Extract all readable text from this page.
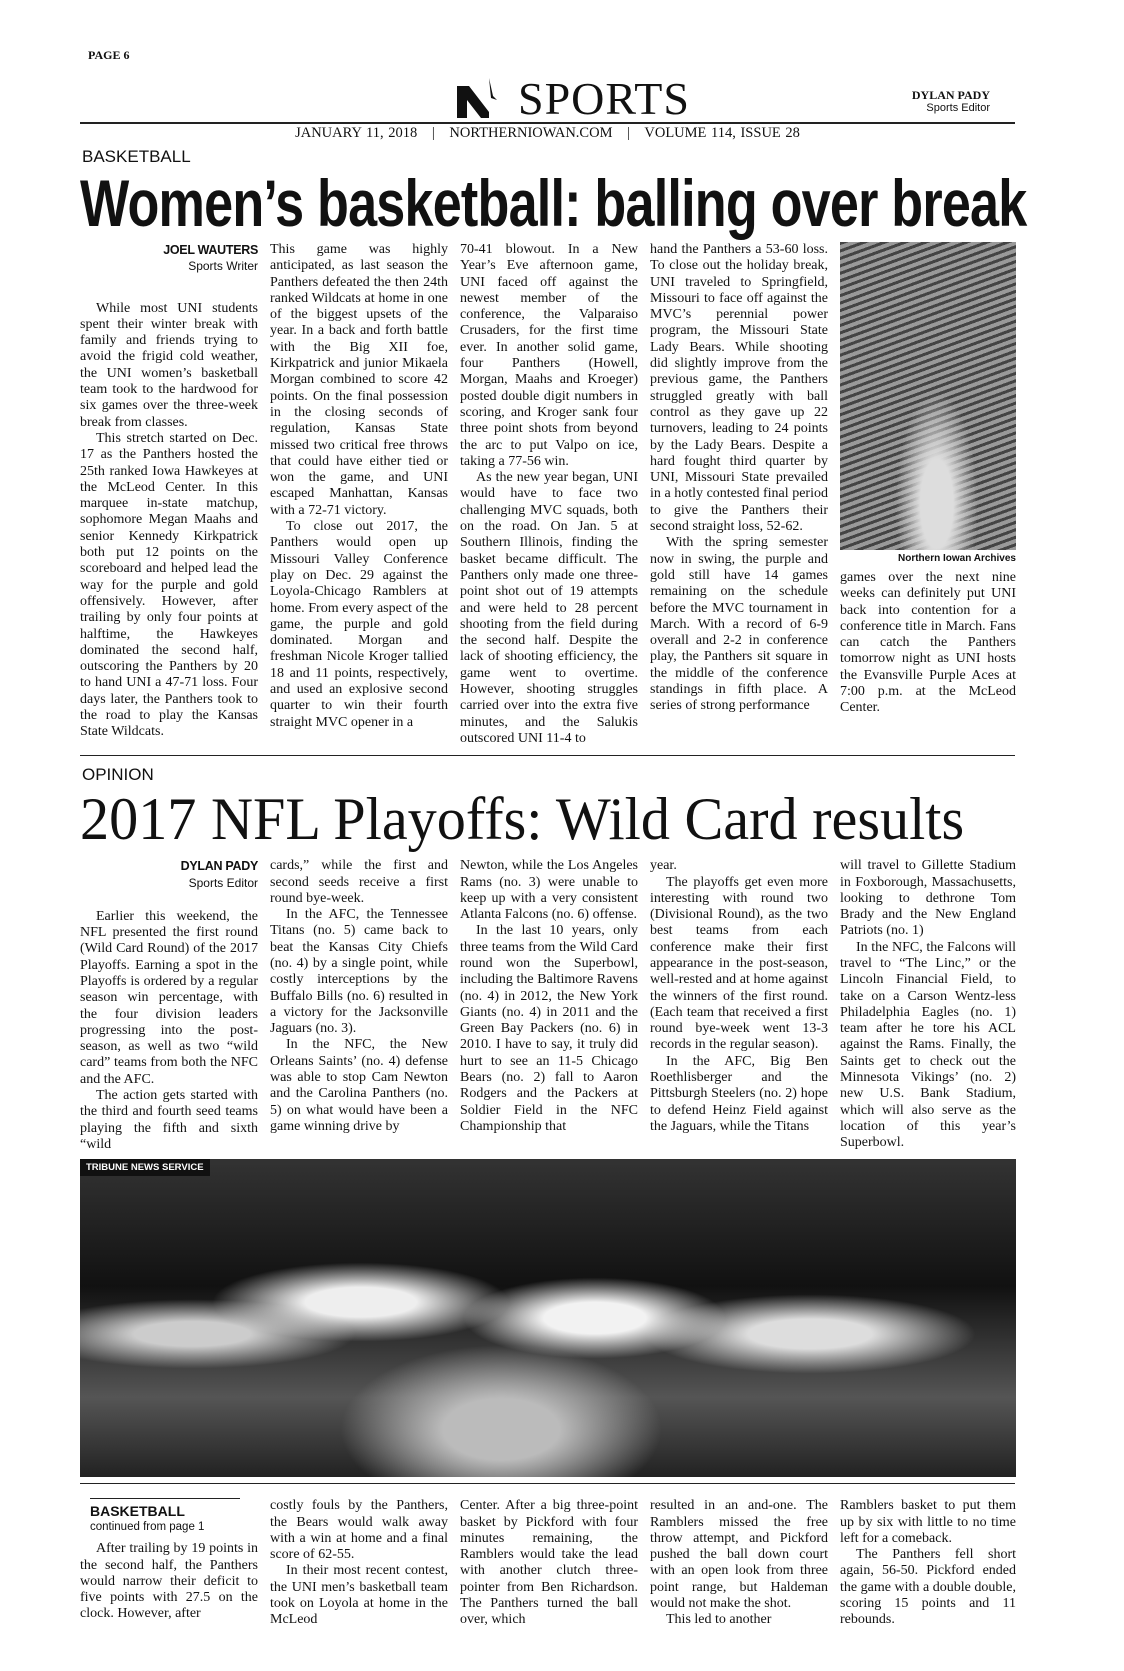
PAGE 6
SPORTS	DYLAN PADY
Sports Editor
JANUARY 11, 2018 | NORTHERNIOWAN.COM | VOLUME 114, ISSUE 28
BASKETBALL
Women’s basketball: balling over break
JOEL WAUTERS
Sports Writer

While most UNI students spent their winter break with family and friends trying to avoid the frigid cold weather, the UNI women’s basketball team took to the hardwood for six games over the three-week break from classes.

This stretch started on Dec. 17 as the Panthers hosted the 25th ranked Iowa Hawkeyes at the McLeod Center. In this marquee in-state matchup, sophomore Megan Maahs and senior Kennedy Kirkpatrick both put 12 points on the scoreboard and helped lead the way for the purple and gold offensively. However, after trailing by only four points at halftime, the Hawkeyes dominated the second half, outscoring the Panthers by 20 to hand UNI a 47-71 loss. Four days later, the Panthers took to the road to play the Kansas State Wildcats.

This game was highly anticipated, as last season the Panthers defeated the then 24th ranked Wildcats at home in one of the biggest upsets of the year. In a back and forth battle with the Big XII foe, Kirkpatrick and junior Mikaela Morgan combined to score 42 points. On the final possession in the closing seconds of regulation, Kansas State missed two critical free throws that could have either tied or won the game, and UNI escaped Manhattan, Kansas with a 72-71 victory.

To close out 2017, the Panthers would open up Missouri Valley Conference play on Dec. 29 against the Loyola-Chicago Ramblers at home. From every aspect of the game, the purple and gold dominated. Morgan and freshman Nicole Kroger tallied 18 and 11 points, respectively, and used an explosive second quarter to win their fourth straight MVC opener in a

70-41 blowout. In a New Year’s Eve afternoon game, UNI faced off against the newest member of the conference, the Valparaiso Crusaders, for the first time ever. In another solid game, four Panthers (Howell, Morgan, Maahs and Kroeger) posted double digit numbers in scoring, and Kroger sank four three point shots from beyond the arc to put Valpo on ice, taking a 77-56 win.

As the new year began, UNI would have to face two challenging MVC squads, both on the road. On Jan. 5 at Southern Illinois, finding the basket became difficult. The Panthers only made one three-point shot out of 19 attempts and were held to 28 percent shooting from the field during the second half. Despite the lack of shooting efficiency, the game went to overtime. However, shooting struggles carried over into the extra five minutes, and the Salukis outscored UNI 11-4 to

hand the Panthers a 53-60 loss. To close out the holiday break, UNI traveled to Springfield, Missouri to face off against the MVC’s perennial power program, the Missouri State Lady Bears. While shooting did slightly improve from the previous game, the Panthers struggled greatly with ball control as they gave up 22 turnovers, leading to 24 points by the Lady Bears. Despite a hard fought third quarter by UNI, Missouri State prevailed in a hotly contested final period to give the Panthers their second straight loss, 52-62.

With the spring semester now in swing, the purple and gold still have 14 games remaining on the schedule before the MVC tournament in March. With a record of 6-9 overall and 2-2 in conference play, the Panthers sit square in the middle of the conference standings in fifth place. A series of strong performance

Northern Iowan Archives

games over the next nine weeks can definitely put UNI back into contention for a conference title in March. Fans can catch the Panthers tomorrow night as UNI hosts the Evansville Purple Aces at 7:00 p.m. at the McLeod Center.

OPINION
2017 NFL Playoffs: Wild Card results
DYLAN PADY
Sports Editor

Earlier this weekend, the NFL presented the first round (Wild Card Round) of the 2017 Playoffs. Earning a spot in the Playoffs is ordered by a regular season win percentage, with the four division leaders progressing into the post-season, as well as two “wild card” teams from both the NFC and the AFC.

The action gets started with the third and fourth seed teams playing the fifth and sixth “wild

cards,” while the first and second seeds receive a first round bye-week.

In the AFC, the Tennessee Titans (no. 5) came back to beat the Kansas City Chiefs (no. 4) by a single point, while costly interceptions by the Buffalo Bills (no. 6) resulted in a victory for the Jacksonville Jaguars (no. 3).

In the NFC, the New Orleans Saints’ (no. 4) defense was able to stop Cam Newton and the Carolina Panthers (no. 5) on what would have been a game winning drive by

Newton, while the Los Angeles Rams (no. 3) were unable to keep up with a very consistent Atlanta Falcons (no. 6) offense.

In the last 10 years, only three teams from the Wild Card round won the Superbowl, including the Baltimore Ravens (no. 4) in 2012, the New York Giants (no. 4) in 2011 and the Green Bay Packers (no. 6) in 2010. I have to say, it truly did hurt to see an 11-5 Chicago Bears (no. 2) fall to Aaron Rodgers and the Packers at Soldier Field in the NFC Championship that

year.

The playoffs get even more interesting with round two (Divisional Round), as the two best teams from each conference make their first appearance in the post-season, well-rested and at home against the winners of the first round. (Each team that received a first round bye-week went 13-3 records in the regular season).

In the AFC, Big Ben Roethlisberger and the Pittsburgh Steelers (no. 2) hope to defend Heinz Field against the Jaguars, while the Titans

will travel to Gillette Stadium in Foxborough, Massachusetts, looking to dethrone Tom Brady and the New England Patriots (no. 1)

In the NFC, the Falcons will travel to “The Linc,” or the Lincoln Financial Field, to take on a Carson Wentz-less Philadelphia Eagles (no. 1) team after he tore his ACL against the Rams. Finally, the Saints get to check out the Minnesota Vikings’ (no. 2) new U.S. Bank Stadium, which will also serve as the location of this year’s Superbowl.

TRIBUNE NEWS SERVICE
BASKETBALL
continued from page 1

After trailing by 19 points in the second half, the Panthers would narrow their deficit to five points with 27.5 on the clock. However, after

costly fouls by the Panthers, the Bears would walk away with a win at home and a final score of 62-55.

In their most recent contest, the UNI men’s basketball team took on Loyola at home in the McLeod

Center. After a big three-point basket by Pickford with four minutes remaining, the Ramblers would take the lead with another clutch three-pointer from Ben Richardson. The Panthers turned the ball over, which

resulted in an and-one. The Ramblers missed the free throw attempt, and Pickford pushed the ball down court with an open look from three point range, but Haldeman would not make the shot.

This led to another

Ramblers basket to put them up by six with little to no time left for a comeback.

The Panthers fell short again, 56-50. Pickford ended the game with a double double, scoring 15 points and 11 rebounds.
